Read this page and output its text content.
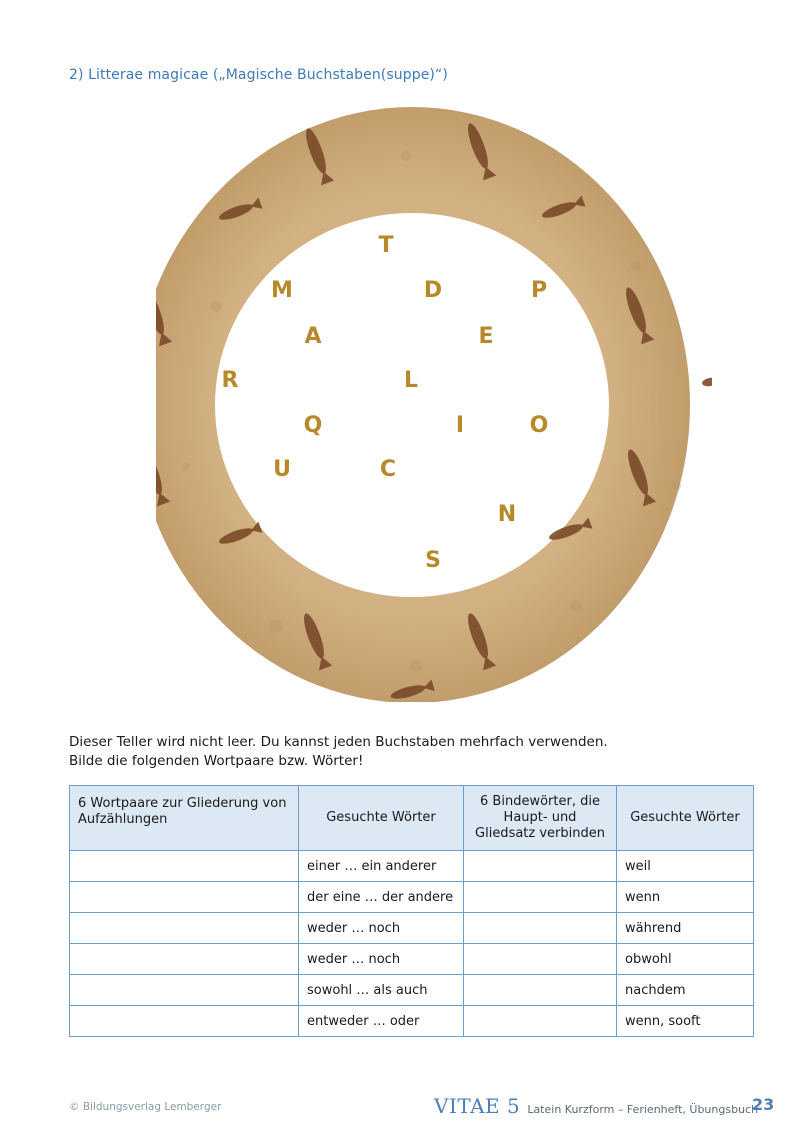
2) Litterae magicae („Magische Buchstaben(suppe)“)
T
M	D	P
A	E
R	L
Q	I	O
U	C
N
S
Dieser Teller wird nicht leer. Du kannst jeden Buchstaben mehrfach verwenden.
Bilde die folgenden Wortpaare bzw. Wörter!
6 Wortpaare zur Gliederung von Aufzählungen	Gesuchte Wörter	6 Bindewörter, die Haupt- und Gliedsatz verbinden	Gesuchte Wörter
	einer … ein anderer		weil
	der eine … der andere		wenn
	weder … noch		während
	weder … noch		obwohl
	sowohl … als auch		nachdem
	entweder … oder		wenn, sooft
© Bildungsverlag Lemberger	VITAE 5 Latein Kurzform – Ferienheft, Übungsbuch
23
